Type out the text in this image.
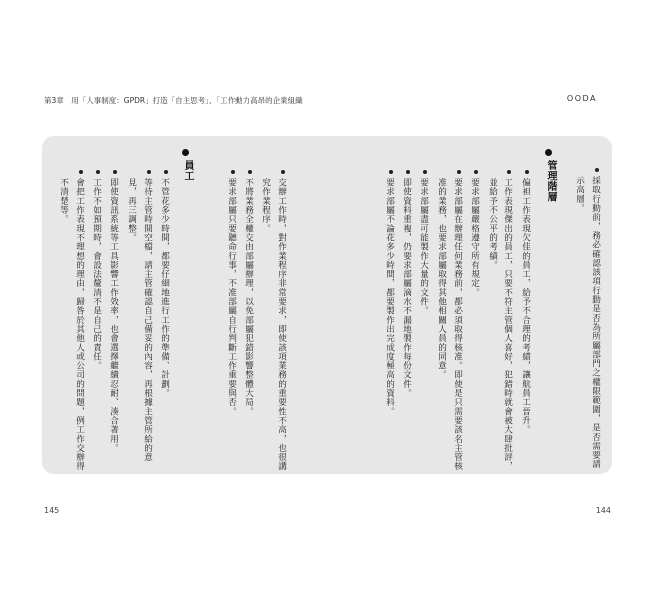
第3章　用「人事制度：GPDR」打造「自主思考」、「工作動力高昂的企業組織	OODA
145	144
採取行動前，務必確認該項行動是否為所屬部門之權限範圍，是否需要請
示高層。
管理階層
偏袒工作表現欠佳的員工，給予不合理的考績，讓航員工晉升。
工作表現傑出的員工，只要不符主管個人喜好，犯錯時就會被大肆批評，
並給予不公平的考績。
要求部屬嚴格遵守所有規定。
要求部屬在辦理任何業務前，都必須取得核准。即使是只需要該名主管核
准的業務，也要求部屬取得其他相關人員的同意。
要求部屬盡可能製作大量的文件。
即使資料重複，仍要求部屬滴水不漏地製作每份文件。
要求部屬不論花多少時間，都要製作出完成度極高的資料。
員工
交辦工作時，對作業程序非常要求，即使該項業務的重要性不高，也很講
究作業程序。
不將業務全權交由部屬辦理，以免部屬犯錯影響整體大局。
要求部屬只要聽命行事，不准部屬自行判斷工作重要與否。
不管花多少時間，都要仔細地進行工作的準備、計劃。
等待主管時間空檔，請主管確認自己備妥的內容，再根據主管所給的意
見，再三調整。
即使資訊系統等工具影響工作效率，也會選擇繼續忍耐、湊合著用。
工作不如預期時，會設法釐清不是自己的責任。
會把工作表現不理想的理由，歸咎於其他人或公司的問題，例工作交辦得
不清楚等。
